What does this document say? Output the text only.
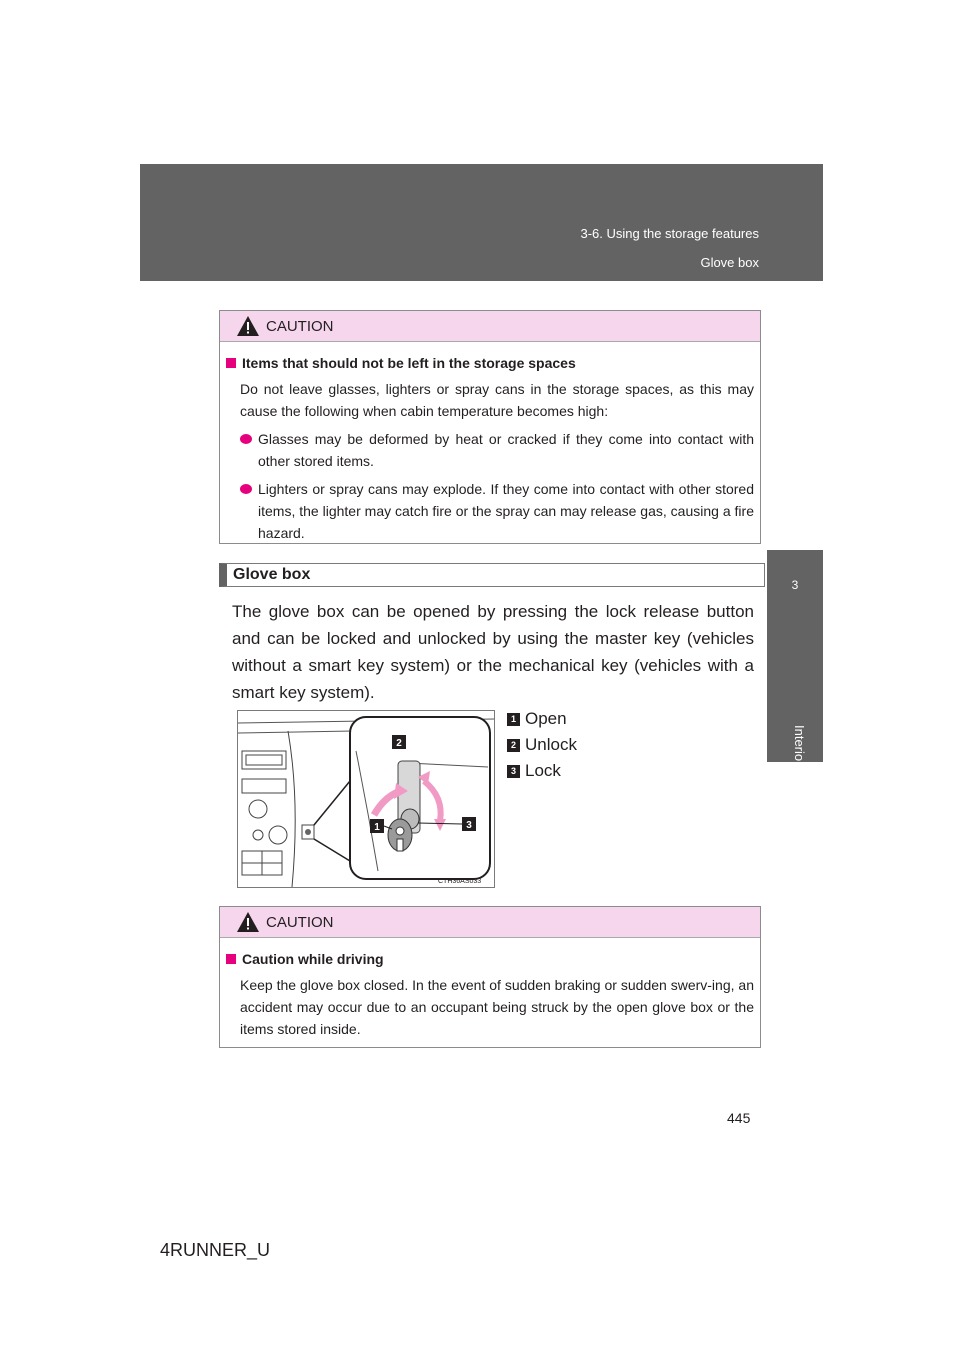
3-6. Using the storage features
Glove box
3
Interior features
CAUTION
Items that should not be left in the storage spaces
Do not leave glasses, lighters or spray cans in the storage spaces, as this may cause the following when cabin temperature becomes high:
Glasses may be deformed by heat or cracked if they come into contact with other stored items.
Lighters or spray cans may explode. If they come into contact with other stored items, the lighter may catch fire or the spray can may release gas, causing a fire hazard.
Glove box
The glove box can be opened by pressing the lock release button and can be locked and unlocked by using the master key (vehicles without a smart key system) or the mechanical key (vehicles with a smart key system).
2
1	3
CTH36AS033
1 Open
2 Unlock
3 Lock
CAUTION
Caution while driving
Keep the glove box closed. In the event of sudden braking or sudden swerv-ing, an accident may occur due to an occupant being struck by the open glove box or the items stored inside.
445
4RUNNER_U
